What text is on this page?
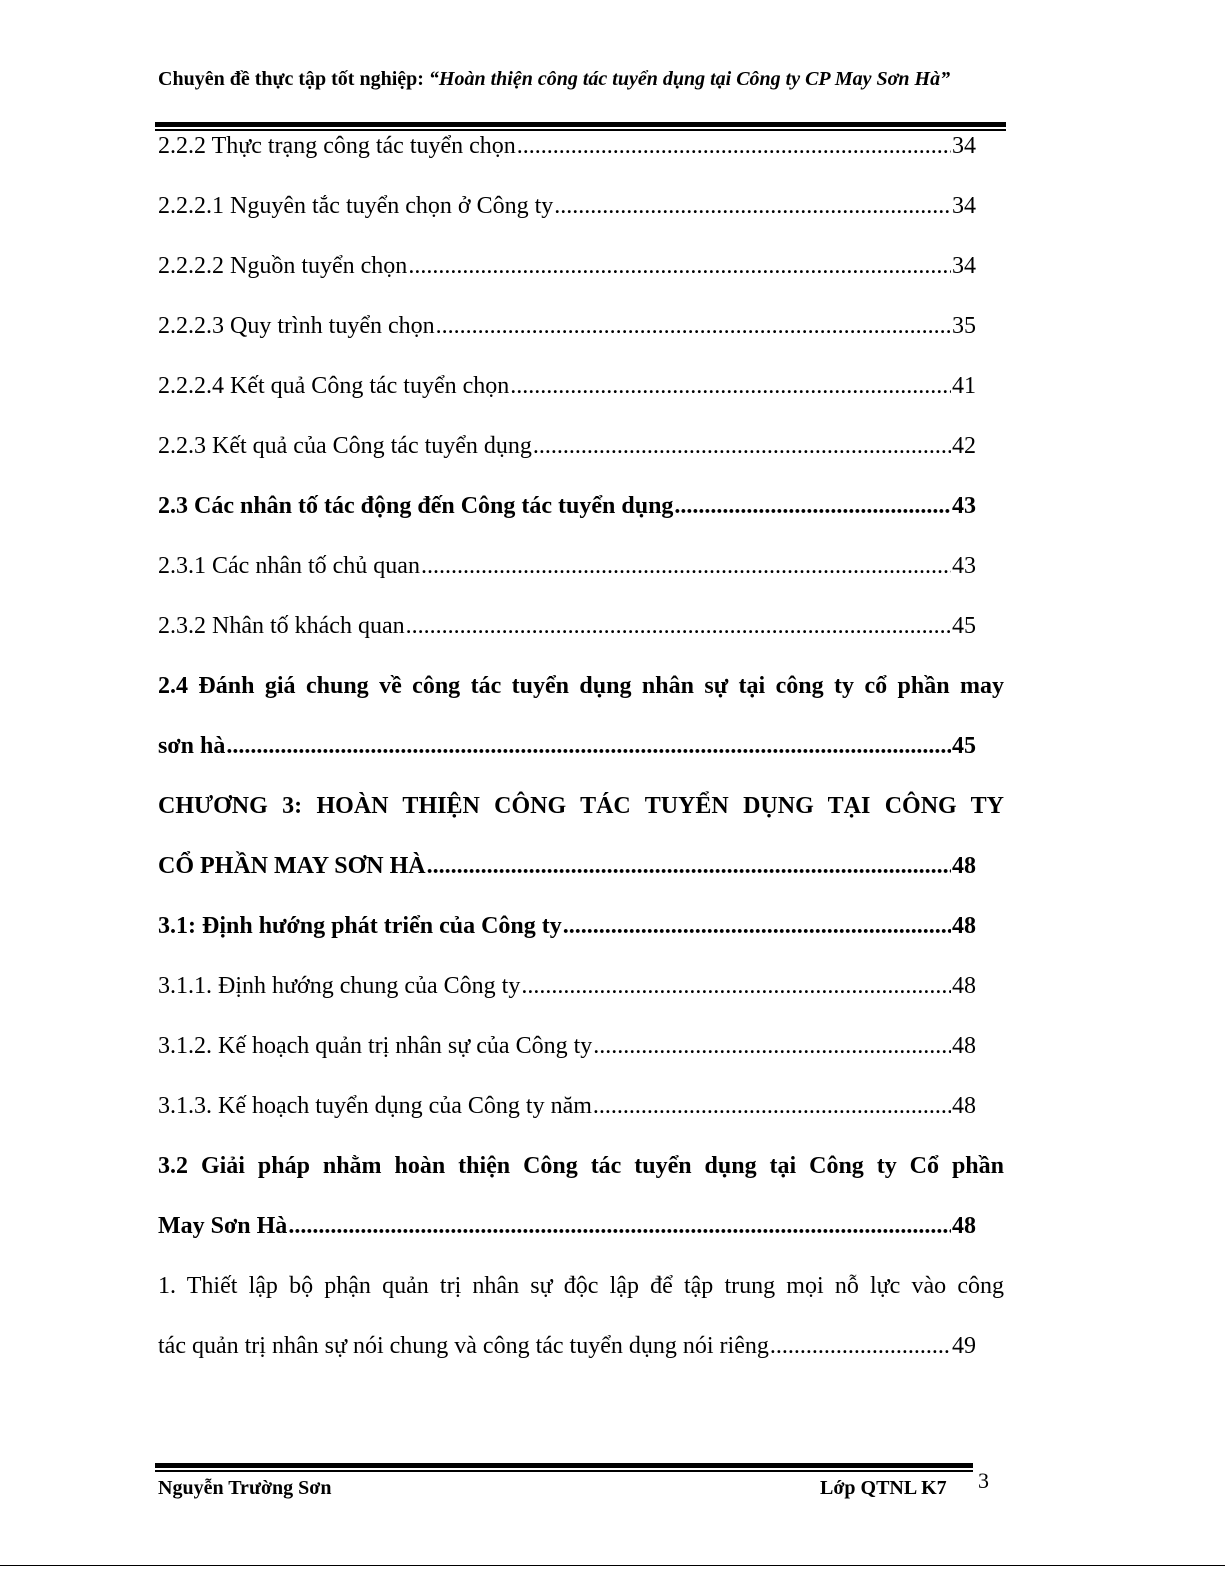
Chuyên đề thực tập tốt nghiệp: “Hoàn thiện công tác tuyển dụng tại Công ty CP May Sơn Hà”
2.2.2 Thực trạng công tác tuyển chọn .....	34
2.2.2.1 Nguyên tắc tuyển chọn ở Công ty .....	34
2.2.2.2 Nguồn tuyển chọn .....	34
2.2.2.3 Quy trình tuyển chọn .....	35
2.2.2.4 Kết quả Công tác tuyển chọn .....	41
2.2.3 Kết quả của Công tác tuyển dụng .....	42
2.3 Các nhân tố tác động đến Công tác tuyển dụng .....	43
2.3.1 Các nhân tố chủ quan .....	43
2.3.2 Nhân tố khách quan .....	45
2.4 Đánh giá chung về công tác tuyển dụng nhân sự tại công ty cổ phần may
sơn hà .....	45
CHƯƠNG 3: HOÀN THIỆN CÔNG TÁC TUYỂN DỤNG TẠI CÔNG TY
CỔ PHẦN MAY SƠN HÀ .....	48
3.1: Định hướng phát triển của Công ty .....	48
3.1.1. Định hướng chung của Công ty .....	48
3.1.2. Kế hoạch quản trị nhân sự của Công ty .....	48
3.1.3. Kế hoạch tuyển dụng của Công ty năm .....	48
3.2 Giải pháp nhằm hoàn thiện Công tác tuyển dụng tại Công ty Cổ phần
May Sơn Hà .....	48
1. Thiết lập bộ phận quản trị nhân sự độc lập để tập trung mọi nỗ lực vào công
tác quản trị nhân sự nói chung và công tác tuyển dụng nói riêng .....	49
Nguyễn Trường Sơn	Lớp QTNL K7 3
